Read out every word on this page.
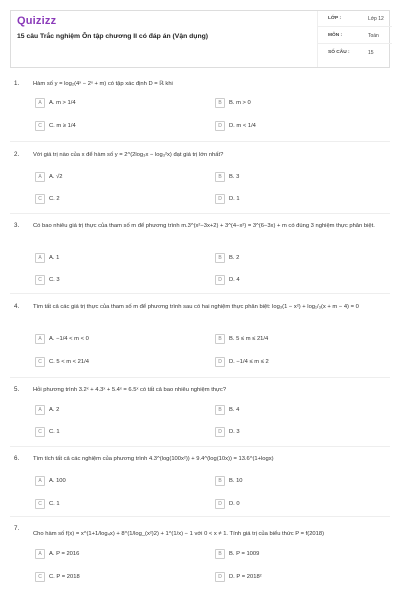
Quizizz
15 câu Trắc nghiệm Ôn tập chương II có đáp án (Vận dụng)
LỚP :	Lớp 12
MÔN :	Toán
SỐ CÂU :	15
1. Hàm số y = log₂(4ˣ − 2ˣ + m) có tập xác định D = ℝ khi
A	A. m > 1/4	B	B. m > 0
C	C. m ≥ 1/4	D	D. m < 1/4
2. Với giá trị nào của x để hàm số y = 2^(2log₃x − log₃²x) đạt giá trị lớn nhất?
A	A. √2	B	B. 3
C	C. 2	D	D. 1
3. Có bao nhiêu giá trị thực của tham số m để phương trình m.3^(x²−3x+2) + 3^(4−x²) = 3^(6−3x) + m có đúng 3 nghiệm thực phân biệt.
A	A. 1	B	B. 2
C	C. 3	D	D. 4
4. Tìm tất cả các giá trị thực của tham số m để phương trình sau có hai nghiệm thực phân biệt: log₃(1 − x²) + log₁/₃(x + m − 4) = 0
A	A. −1/4 < m < 0	B	B. 5 ≤ m ≤ 21/4
C	C. 5 < m < 21/4	D	D. −1/4 ≤ m ≤ 2
5. Hỏi phương trình 3.2ˣ + 4.3ˣ + 5.4ˣ = 6.5ˣ có tất cả bao nhiêu nghiệm thực?
A	A. 2	B	B. 4
C	C. 1	D	D. 3
6. Tìm tích tất cả các nghiệm của phương trình 4.3^(log(100x²)) + 9.4^(log(10x)) = 13.6^(1+logx)
A	A. 100	B	B. 10
C	C. 1	D	D. 0
7.
Cho hàm số f(x) = x^(1+1/log₄x) + 8^(1/log_(x²)2) + 1^(1/x) − 1 với 0 < x ≠ 1. Tính giá trị của biểu thức P = f(2018)
A	A. P = 2016	B	B. P = 1009
C	C. P = 2018	D	D. P = 2018²
